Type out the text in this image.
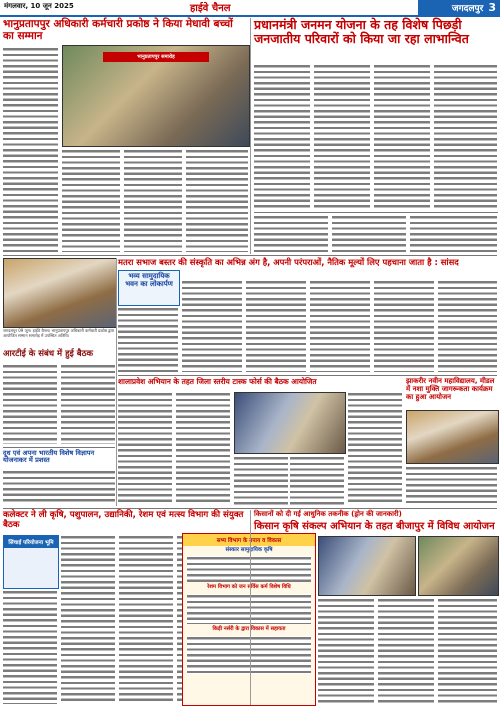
मंगलवार, 10 जून 2025	हाईवे चैनल	जगदलपुर 3
भानुप्रतापपुर अधिकारी कर्मचारी प्रकोष्ठ ने किया मेधावी बच्चों का सम्मान
प्रधानमंत्री जनमन योजना के तह विशेष पिछड़ी जनजातीय परिवारों को किया जा रहा लाभान्वित
भानुप्रतापपुर समारोह
मतरा सभाज बस्तर की संस्कृति का अभिन्न अंग है, अपनी परंपराओं, नैतिक मूल्यों लिए पहचाना जाता है : सांसद
जगदलपुर 09 जून। हाईवे चैनल। भानुप्रतापपुर अधिकारी कर्मचारी प्रकोष्ठ द्वारा आयोजित सम्मान समारोह में उपस्थित अतिथि।
भव्य सामुदायिक भवन का लोकार्पण
आरटीई के संबंध में हुई बैठक
शालाप्रवेश अभियान के तहत जिला स्तरीय टास्क फोर्स की बैठक आयोजित	झाकरीर नवीन महाविद्यालय, मीडल में नशा मुक्ति जागरूकता कार्यक्रम का हुआ आयोजन
दूध एवं अपना भारतीय विशेष विज्ञापन योजनाकर में प्रशस्त
कलेक्टर ने ली कृषि, पशुपालन, उद्यानिकी, रेशम एवं मत्स्य विभाग की संयुक्त बैठक
किसानों को दी गई आधुनिक तकनीक (ड्रोन की जानकारी)
किसान कृषि संकल्प अभियान के तहत बीजापुर में विविध आयोजन
सिंचाई परियोजना भूमि	सभ्य विभाग के उपाय व विकास
संस्कार सामुदायिक कृषि
रेशम विभाग को जन सर्विस कर्म विशेष विधि
किड़ी नर्सरी के द्वारा विकास में सहायता
